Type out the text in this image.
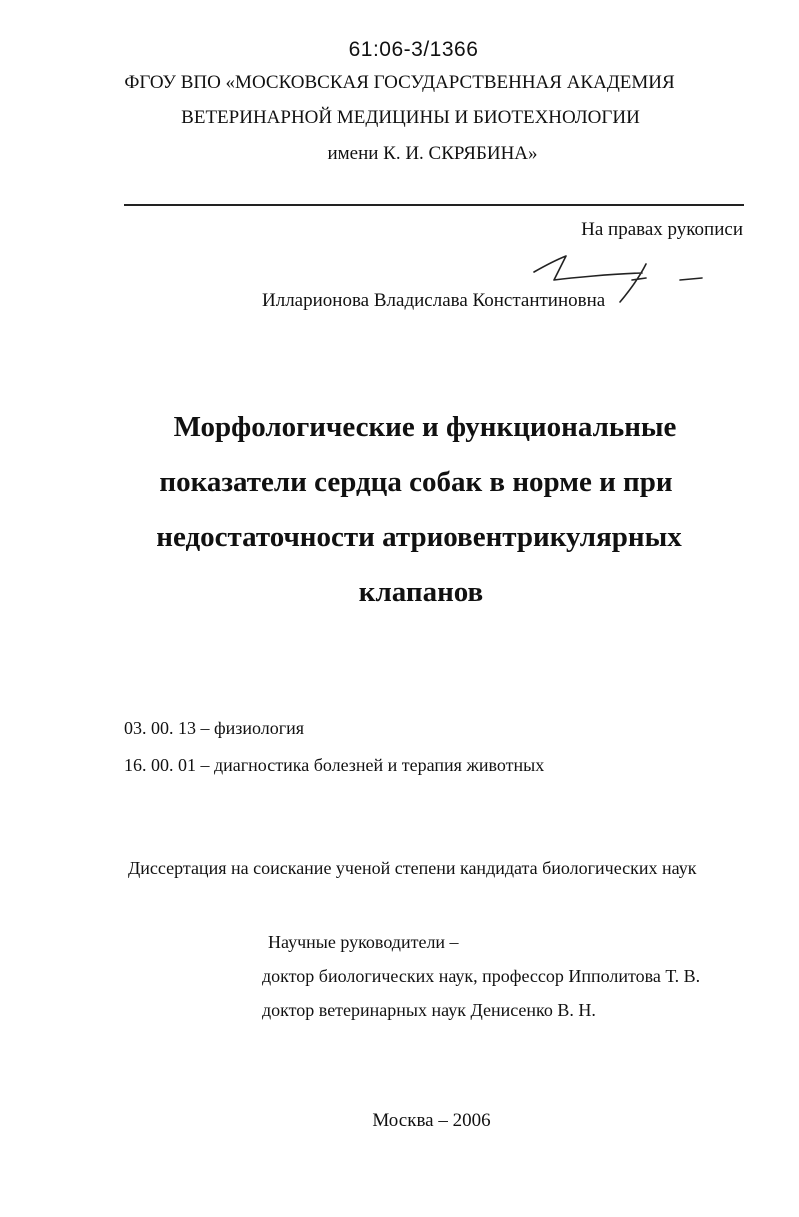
61:06-3/1366
ФГОУ ВПО «МОСКОВСКАЯ ГОСУДАРСТВЕННАЯ АКАДЕМИЯ
ВЕТЕРИНАРНОЙ МЕДИЦИНЫ И БИОТЕХНОЛОГИИ
имени К. И. СКРЯБИНА»
На правах рукописи
Илларионова Владислава Константиновна
Морфологические и функциональные
показатели сердца собак в норме и при
недостаточности атриовентрикулярных
клапанов
03. 00. 13 – физиология
16. 00. 01 – диагностика болезней и терапия животных
Диссертация на соискание ученой степени кандидата биологических наук
Научные руководители –
доктор биологических наук, профессор Ипполитова Т. В.
доктор ветеринарных наук Денисенко В. Н.
Москва – 2006
